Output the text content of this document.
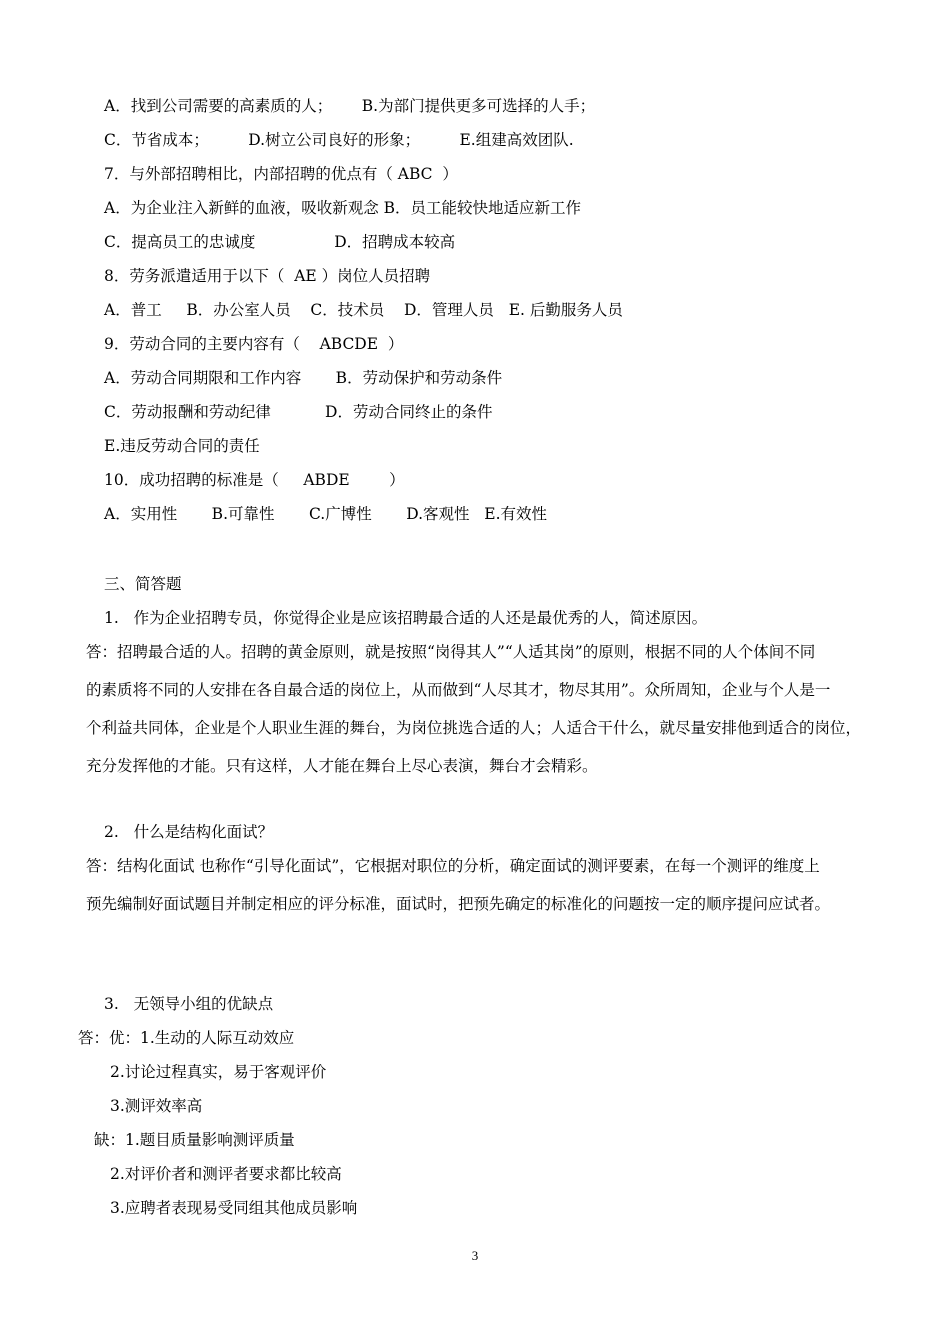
A．找到公司需要的高素质的人；      B.为部门提供更多可选择的人手；
C．节省成本；        D.树立公司良好的形象；        E.组建高效团队.
7．与外部招聘相比，内部招聘的优点有（ ABC  ）
A．为企业注入新鲜的血液，吸收新观念 B．员工能较快地适应新工作
C．提高员工的忠诚度                D．招聘成本较高
8．劳务派遣适用于以下（  AE ）岗位人员招聘
A．普工     B．办公室人员    C．技术员    D．管理人员   E. 后勤服务人员
9．劳动合同的主要内容有（    ABCDE  ）
A．劳动合同期限和工作内容       B．劳动保护和劳动条件
C．劳动报酬和劳动纪律           D．劳动合同终止的条件
E.违反劳动合同的责任
10．成功招聘的标准是（     ABDE        ）
A．实用性       B.可靠性       C.广博性       D.客观性   E.有效性
三、简答题
1.   作为企业招聘专员，你觉得企业是应该招聘最合适的人还是最优秀的人，简述原因。
答：招聘最合适的人。招聘的黄金原则，就是按照“岗得其人”“人适其岗”的原则，根据不同的人个体间不同
的素质将不同的人安排在各自最合适的岗位上，从而做到“人尽其才，物尽其用”。众所周知，企业与个人是一
个利益共同体，企业是个人职业生涯的舞台，为岗位挑选合适的人；人适合干什么，就尽量安排他到适合的岗位，
充分发挥他的才能。只有这样，人才能在舞台上尽心表演，舞台才会精彩。
2.   什么是结构化面试？
答：结构化面试 也称作“引导化面试”，它根据对职位的分析，确定面试的测评要素，在每一个测评的维度上
预先编制好面试题目并制定相应的评分标准，面试时，把预先确定的标准化的问题按一定的顺序提问应试者。
3.   无领导小组的优缺点
答：优：1.生动的人际互动效应
2.讨论过程真实，易于客观评价
3.测评效率高
缺：1.题目质量影响测评质量
2.对评价者和测评者要求都比较高
3.应聘者表现易受同组其他成员影响
3
